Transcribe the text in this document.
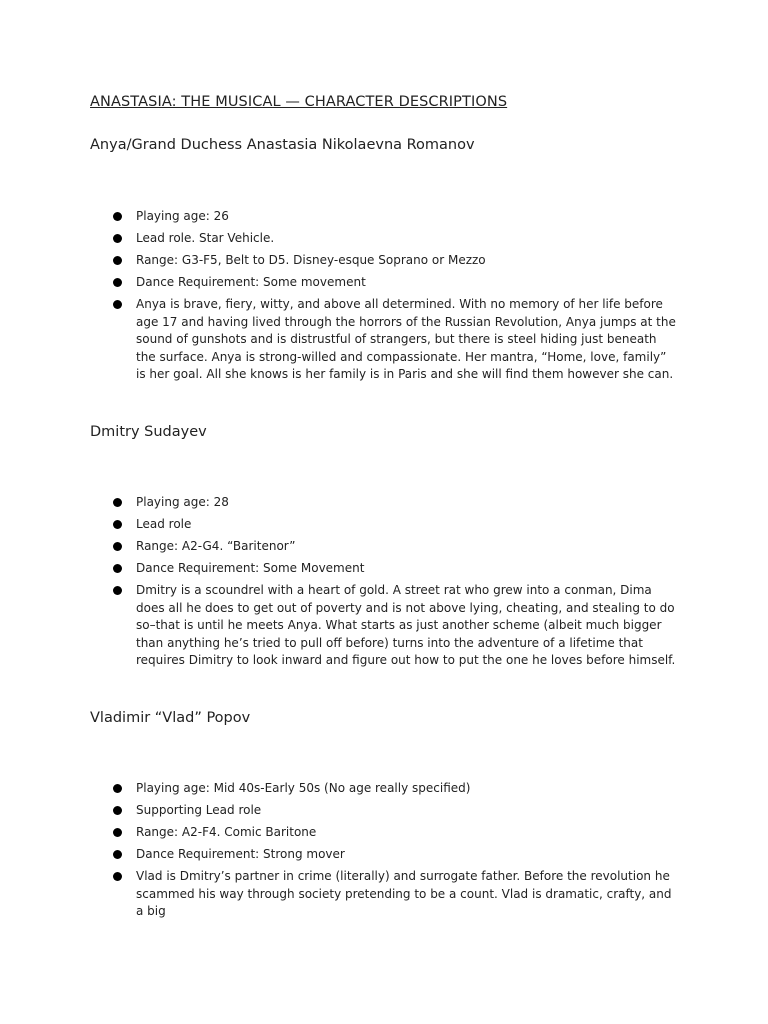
ANASTASIA: THE MUSICAL — CHARACTER DESCRIPTIONS
Anya/Grand Duchess Anastasia Nikolaevna Romanov
Playing age: 26
Lead role. Star Vehicle.
Range: G3-F5, Belt to D5. Disney-esque Soprano or Mezzo
Dance Requirement: Some movement
Anya is brave, fiery, witty, and above all determined. With no memory of her life before age 17 and having lived through the horrors of the Russian Revolution, Anya jumps at the sound of gunshots and is distrustful of strangers, but there is steel hiding just beneath the surface. Anya is strong-willed and compassionate. Her mantra, “Home, love, family” is her goal. All she knows is her family is in Paris and she will find them however she can.
Dmitry Sudayev
Playing age: 28
Lead role
Range: A2-G4. “Baritenor”
Dance Requirement: Some Movement
Dmitry is a scoundrel with a heart of gold. A street rat who grew into a conman, Dima does all he does to get out of poverty and is not above lying, cheating, and stealing to do so–that is until he meets Anya. What starts as just another scheme (albeit much bigger than anything he’s tried to pull off before) turns into the adventure of a lifetime that requires Dimitry to look inward and figure out how to put the one he loves before himself.
Vladimir “Vlad” Popov
Playing age: Mid 40s-Early 50s (No age really specified)
Supporting Lead role
Range: A2-F4. Comic Baritone
Dance Requirement: Strong mover
Vlad is Dmitry’s partner in crime (literally) and surrogate father. Before the revolution he scammed his way through society pretending to be a count. Vlad is dramatic, crafty, and a big
